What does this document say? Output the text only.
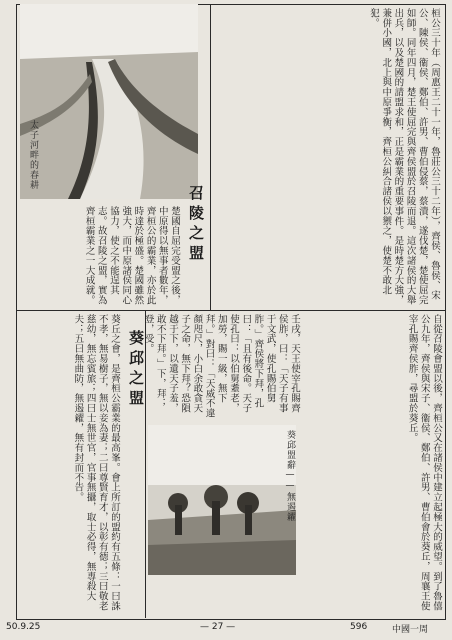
桓公三十年（周惠王二十一年，魯莊公三十二年），齊侯、魯侯、宋公、陳侯、衞侯、鄭伯、許男、曹伯侵蔡，蔡潰，遂伐楚，楚使屈完如師。同年四月，楚王使屈完與齊侯盟於召陵而退。這次諸侯的大舉出兵，以及楚國的請盟求和，正是霸業的重要事件。是時楚方大強，兼併小國，北上與中原爭衡，齊桓公糾合諸侯以禦之，使楚不敢北犯。

太子河畔的春耕
召陵之盟

楚國自屈完受盟之後，中原得以無事者數年，齊桓公的霸業，亦於此時達於極盛。楚國雖然強大，而中原諸侯同心協力，使之不能逞其志。故召陵之盟，實為齊桓霸業之一大成就。

自從召陵會盟以後，齊桓公又在諸侯中建立起極大的威望。到了魯僖公九年，齊侯與宋子、衞侯、鄭伯、許男、曹伯會於葵丘，周襄王使宰孔賜齊侯胙，尋盟於葵丘。

壬戌，天王使宰孔賜齊侯胙，曰：「天子有事于文武，使孔賜伯舅胙。」齊侯將下拜，孔曰：「且有後命。天子使孔曰：以伯舅耋老，加勞，賜一級，無下拜。」對曰：「天威不違顏咫尺，小白余敢貪天子之命，無下拜？恐隕越于下，以遺天子羞，敢不下拜。」下，拜；登，受。

葵邱盟辭——無遏糴
葵邱之盟

葵丘之會，是齊桓公霸業的最高峯。會上所訂的盟約有五條：一曰誅不孝，無易樹子，無以妾為妻；二曰尊賢育才，以彰有德；三曰敬老慈幼，無忘賓旅；四曰士無世官，官事無攝，取士必得，無專殺大夫；五曰無曲防，無遏糴，無有封而不告。

50.9.25	— 27 —	596	中國一周
